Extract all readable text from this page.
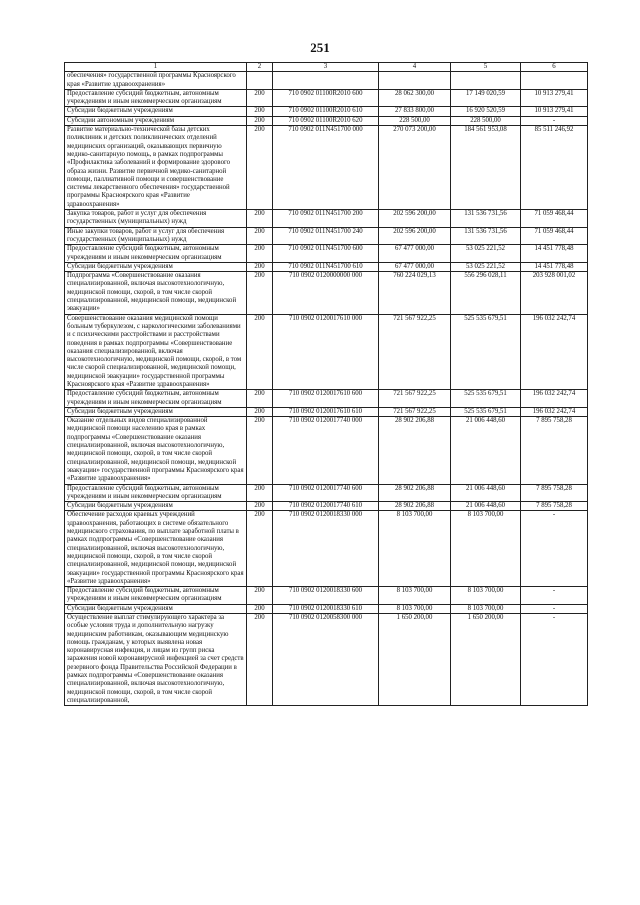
251
1	2	3	4	5	6
обеспечения» государственной программы Красноярского края «Развитие здравоохранения»					
Предоставление субсидий бюджетным, автономным учреждениям и иным некоммерческим организациям	200	710 0902 01100R2010 600	28 062 300,00	17 149 020,59	10 913 279,41
Субсидии бюджетным учреждениям	200	710 0902 01100R2010 610	27 833 800,00	16 920 520,59	10 913 279,41
Субсидии автономным учреждениям	200	710 0902 01100R2010 620	228 500,00	228 500,00	-
Развитие материально-технической базы детских поликлиник и детских поликлинических отделений медицинских организаций, оказывающих первичную медико-санитарную помощь, в рамках подпрограммы «Профилактика заболеваний и формирование здорового образа жизни. Развитие первичной медико-санитарной помощи, паллиативной помощи и совершенствование системы лекарственного обеспечения» государственной программы Красноярского края «Развитие здравоохранения»	200	710 0902 011N451700 000	270 073 200,00	184 561 953,08	85 511 246,92
Закупка товаров, работ и услуг для обеспечения государственных (муниципальных) нужд	200	710 0902 011N451700 200	202 596 200,00	131 536 731,56	71 059 468,44
Иные закупки товаров, работ и услуг для обеспечения государственных (муниципальных) нужд	200	710 0902 011N451700 240	202 596 200,00	131 536 731,56	71 059 468,44
Предоставление субсидий бюджетным, автономным учреждениям и иным некоммерческим организациям	200	710 0902 011N451700 600	67 477 000,00	53 025 221,52	14 451 778,48
Субсидии бюджетным учреждениям	200	710 0902 011N451700 610	67 477 000,00	53 025 221,52	14 451 778,48
Подпрограмма «Совершенствование оказания специализированной, включая высокотехнологичную, медицинской помощи, скорой, в том числе скорой специализированной, медицинской помощи, медицинской эвакуации»	200	710 0902 0120000000 000	760 224 029,13	556 296 028,11	203 928 001,02
Совершенствование оказания медицинской помощи больным туберкулезом, с наркологическими заболеваниями и с психическими расстройствами и расстройствами поведения в рамках подпрограммы «Совершенствование оказания специализированной, включая высокотехнологичную, медицинской помощи, скорой, в том числе скорой специализированной, медицинской помощи, медицинской эвакуации» государственной программы Красноярского края «Развитие здравоохранения»	200	710 0902 0120017610 000	721 567 922,25	525 535 679,51	196 032 242,74
Предоставление субсидий бюджетным, автономным учреждениям и иным некоммерческим организациям	200	710 0902 0120017610 600	721 567 922,25	525 535 679,51	196 032 242,74
Субсидии бюджетным учреждениям	200	710 0902 0120017610 610	721 567 922,25	525 535 679,51	196 032 242,74
Оказание отдельных видов специализированной медицинской помощи населению края в рамках подпрограммы «Совершенствование оказания специализированной, включая высокотехнологичную, медицинской помощи, скорой, в том числе скорой специализированной, медицинской помощи, медицинской эвакуации» государственной программы Красноярского края «Развитие здравоохранения»	200	710 0902 0120017740 000	28 902 206,88	21 006 448,60	7 895 758,28
Предоставление субсидий бюджетным, автономным учреждениям и иным некоммерческим организациям	200	710 0902 0120017740 600	28 902 206,88	21 006 448,60	7 895 758,28
Субсидии бюджетным учреждениям	200	710 0902 0120017740 610	28 902 206,88	21 006 448,60	7 895 758,28
Обеспечение расходов краевых учреждений здравоохранения, работающих в системе обязательного медицинского страхования, по выплате заработной платы в рамках подпрограммы «Совершенствование оказания специализированной, включая высокотехнологичную, медицинской помощи, скорой, в том числе скорой специализированной, медицинской помощи, медицинской эвакуации» государственной программы Красноярского края «Развитие здравоохранения»	200	710 0902 0120018330 000	8 103 700,00	8 103 700,00	-
Предоставление субсидий бюджетным, автономным учреждениям и иным некоммерческим организациям	200	710 0902 0120018330 600	8 103 700,00	8 103 700,00	-
Субсидии бюджетным учреждениям	200	710 0902 0120018330 610	8 103 700,00	8 103 700,00	-
Осуществление выплат стимулирующего характера за особые условия труда и дополнительную нагрузку медицинским работникам, оказывающим медицинскую помощь гражданам, у которых выявлена новая коронавирусная инфекция, и лицам из групп риска заражения новой коронавирусной инфекцией за счет средств резервного фонда Правительства Российской Федерации в рамках подпрограммы «Совершенствование оказания специализированной, включая высокотехнологичную, медицинской помощи, скорой, в том числе скорой специализированной,	200	710 0902 0120058300 000	1 650 200,00	1 650 200,00	-
